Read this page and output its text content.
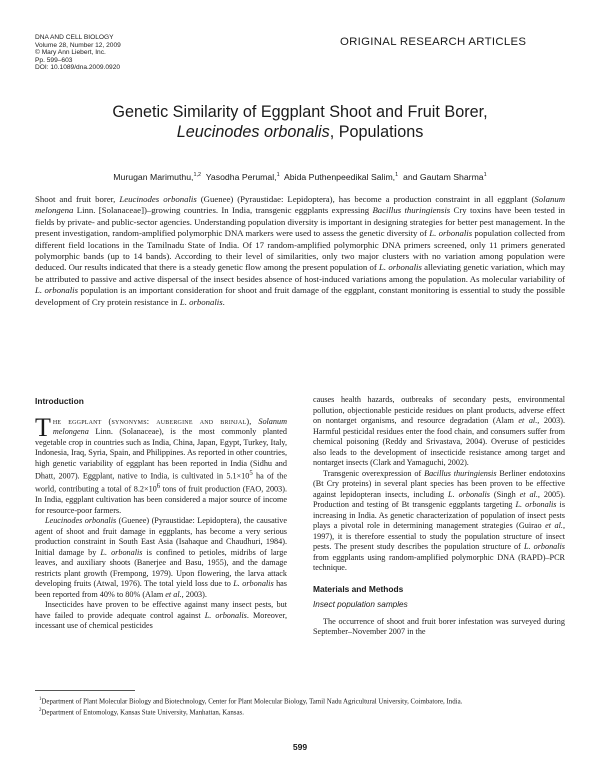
DNA AND CELL BIOLOGY
Volume 28, Number 12, 2009
© Mary Ann Liebert, Inc.
Pp. 599–603
DOI: 10.1089/dna.2009.0920
ORIGINAL RESEARCH ARTICLES
Genetic Similarity of Eggplant Shoot and Fruit Borer,
Leucinodes orbonalis, Populations
Murugan Marimuthu,$^{1,2}$ Yasodha Perumal,$^1$ Abida Puthenpeedikal Salim,$^1$ and Gautam Sharma$^1$

Shoot and fruit borer, Leucinodes orbonalis (Guenee) (Pyraustidae: Lepidoptera), has become a production constraint in all eggplant (Solanum melongena Linn. [Solanaceae])–growing countries. In India, transgenic eggplants expressing Bacillus thuringiensis Cry toxins have been tested in fields by private- and public-sector agencies. Understanding population diversity is important in designing strategies for better pest management. In the present investigation, random-amplified polymorphic DNA markers were used to assess the genetic diversity of L. orbonalis population collected from different field locations in the Tamilnadu State of India. Of 17 random-amplified polymorphic DNA primers screened, only 11 primers generated polymorphic bands (up to 14 bands). According to their level of similarities, only two major clusters with no variation among population were deduced. Our results indicated that there is a steady genetic flow among the present population of L. orbonalis alleviating genetic variation, which may be attributed to passive and active dispersal of the insect besides absence of host-induced variations among the population. As molecular variability of L. orbonalis population is an important consideration for shoot and fruit damage of the eggplant, constant monitoring is essential to study the possible development of Cry protein resistance in L. orbonalis.

Introduction

The eggplant (synonyms: aubergine and brinjal), Solanum melongena Linn. (Solanaceae), is the most commonly planted vegetable crop in countries such as India, China, Japan, Egypt, Turkey, Italy, Indonesia, Iraq, Syria, Spain, and Philippines. As reported in other countries, high genetic variability of eggplant has been reported in India (Sidhu and Dhatt, 2007). Eggplant, native to India, is cultivated in $5.1\times 10^5$ ha of the world, contributing a total of $8.2\times 10^6$ tons of fruit production (FAO, 2003). In India, eggplant cultivation has been considered a major source of income for resource-poor farmers.

Leucinodes orbonalis (Guenee) (Pyraustidae: Lepidoptera), the causative agent of shoot and fruit damage in eggplants, has become a very serious production constraint in South East Asia (Isahaque and Chaudhuri, 1984). Initial damage by L. orbonalis is confined to petioles, midribs of large leaves, and auxiliary shoots (Banerjee and Basu, 1955), and the damage restricts plant growth (Frempong, 1979). Upon flowering, the larva attack developing fruits (Atwal, 1976). The total yield loss due to L. orbonalis has been reported from 40% to 80% (Alam et al., 2003).

Insecticides have proven to be effective against many insect pests, but have failed to provide adequate control against L. orbonalis. Moreover, incessant use of chemical pesticides

causes health hazards, outbreaks of secondary pests, environmental pollution, objectionable pesticide residues on plant products, adverse effect on nontarget organisms, and resource degradation (Alam et al., 2003). Harmful pesticidal residues enter the food chain, and consumers suffer from chemical poisoning (Reddy and Srivastava, 2004). Overuse of pesticides also leads to the development of insecticide resistance among target and nontarget insects (Clark and Yamaguchi, 2002).

Transgenic overexpression of Bacillus thuringiensis Berliner endotoxins (Bt Cry proteins) in several plant species has been proven to be effective against lepidopteran insects, including L. orbonalis (Singh et al., 2005). Production and testing of Bt transgenic eggplants targeting L. orbonalis is increasing in India. As genetic characterization of population of insect pests plays a pivotal role in determining management strategies (Guirao et al., 1997), it is therefore essential to study the population structure of insect pests. The present study describes the population structure of L. orbonalis from eggplants using random-amplified polymorphic DNA (RAPD)–PCR technique.

Materials and Methods
Insect population samples

The occurrence of shoot and fruit borer infestation was surveyed during September–November 2007 in the

$^1$Department of Plant Molecular Biology and Biotechnology, Center for Plant Molecular Biology, Tamil Nadu Agricultural University, Coimbatore, India.
$^2$Department of Entomology, Kansas State University, Manhattan, Kansas.
599
